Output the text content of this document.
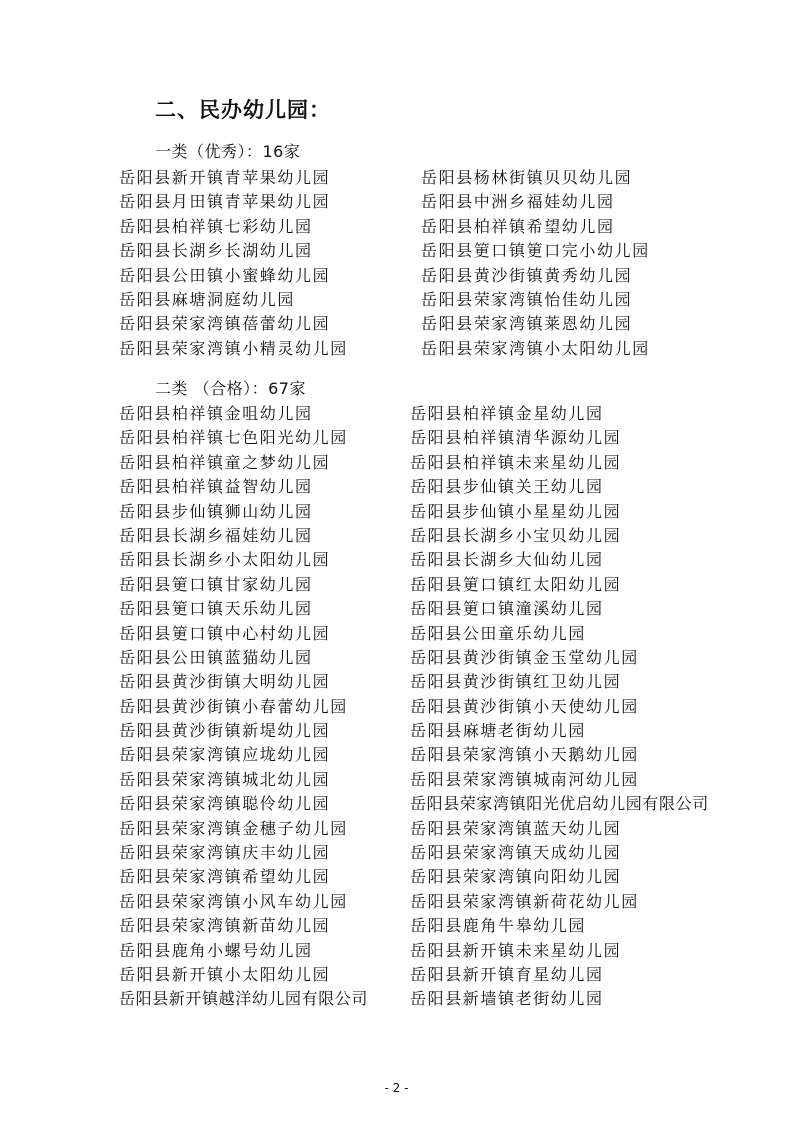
二、民办幼儿园：
一类（优秀）：16家
岳阳县新开镇青苹果幼儿园
岳阳县月田镇青苹果幼儿园
岳阳县柏祥镇七彩幼儿园
岳阳县长湖乡长湖幼儿园
岳阳县公田镇小蜜蜂幼儿园
岳阳县麻塘洞庭幼儿园
岳阳县荣家湾镇蓓蕾幼儿园
岳阳县荣家湾镇小精灵幼儿园
岳阳县杨林街镇贝贝幼儿园
岳阳县中洲乡福娃幼儿园
岳阳县柏祥镇希望幼儿园
岳阳县筻口镇筻口完小幼儿园
岳阳县黄沙街镇黄秀幼儿园
岳阳县荣家湾镇怡佳幼儿园
岳阳县荣家湾镇莱恩幼儿园
岳阳县荣家湾镇小太阳幼儿园
二类 （合格）：67家
岳阳县柏祥镇金咀幼儿园
岳阳县柏祥镇七色阳光幼儿园
岳阳县柏祥镇童之梦幼儿园
岳阳县柏祥镇益智幼儿园
岳阳县步仙镇狮山幼儿园
岳阳县长湖乡福娃幼儿园
岳阳县长湖乡小太阳幼儿园
岳阳县筻口镇甘家幼儿园
岳阳县筻口镇天乐幼儿园
岳阳县筻口镇中心村幼儿园
岳阳县公田镇蓝猫幼儿园
岳阳县黄沙街镇大明幼儿园
岳阳县黄沙街镇小春蕾幼儿园
岳阳县黄沙街镇新堤幼儿园
岳阳县荣家湾镇应垅幼儿园
岳阳县荣家湾镇城北幼儿园
岳阳县荣家湾镇聪伶幼儿园
岳阳县荣家湾镇金穗子幼儿园
岳阳县荣家湾镇庆丰幼儿园
岳阳县荣家湾镇希望幼儿园
岳阳县荣家湾镇小风车幼儿园
岳阳县荣家湾镇新苗幼儿园
岳阳县鹿角小螺号幼儿园
岳阳县新开镇小太阳幼儿园
岳阳县新开镇越洋幼儿园有限公司
岳阳县柏祥镇金星幼儿园
岳阳县柏祥镇清华源幼儿园
岳阳县柏祥镇未来星幼儿园
岳阳县步仙镇关王幼儿园
岳阳县步仙镇小星星幼儿园
岳阳县长湖乡小宝贝幼儿园
岳阳县长湖乡大仙幼儿园
岳阳县筻口镇红太阳幼儿园
岳阳县筻口镇潼溪幼儿园
岳阳县公田童乐幼儿园
岳阳县黄沙街镇金玉堂幼儿园
岳阳县黄沙街镇红卫幼儿园
岳阳县黄沙街镇小天使幼儿园
岳阳县麻塘老街幼儿园
岳阳县荣家湾镇小天鹅幼儿园
岳阳县荣家湾镇城南河幼儿园
岳阳县荣家湾镇阳光优启幼儿园有限公司
岳阳县荣家湾镇蓝天幼儿园
岳阳县荣家湾镇天成幼儿园
岳阳县荣家湾镇向阳幼儿园
岳阳县荣家湾镇新荷花幼儿园
岳阳县鹿角牛皋幼儿园
岳阳县新开镇未来星幼儿园
岳阳县新开镇育星幼儿园
岳阳县新墙镇老街幼儿园
- 2 -
